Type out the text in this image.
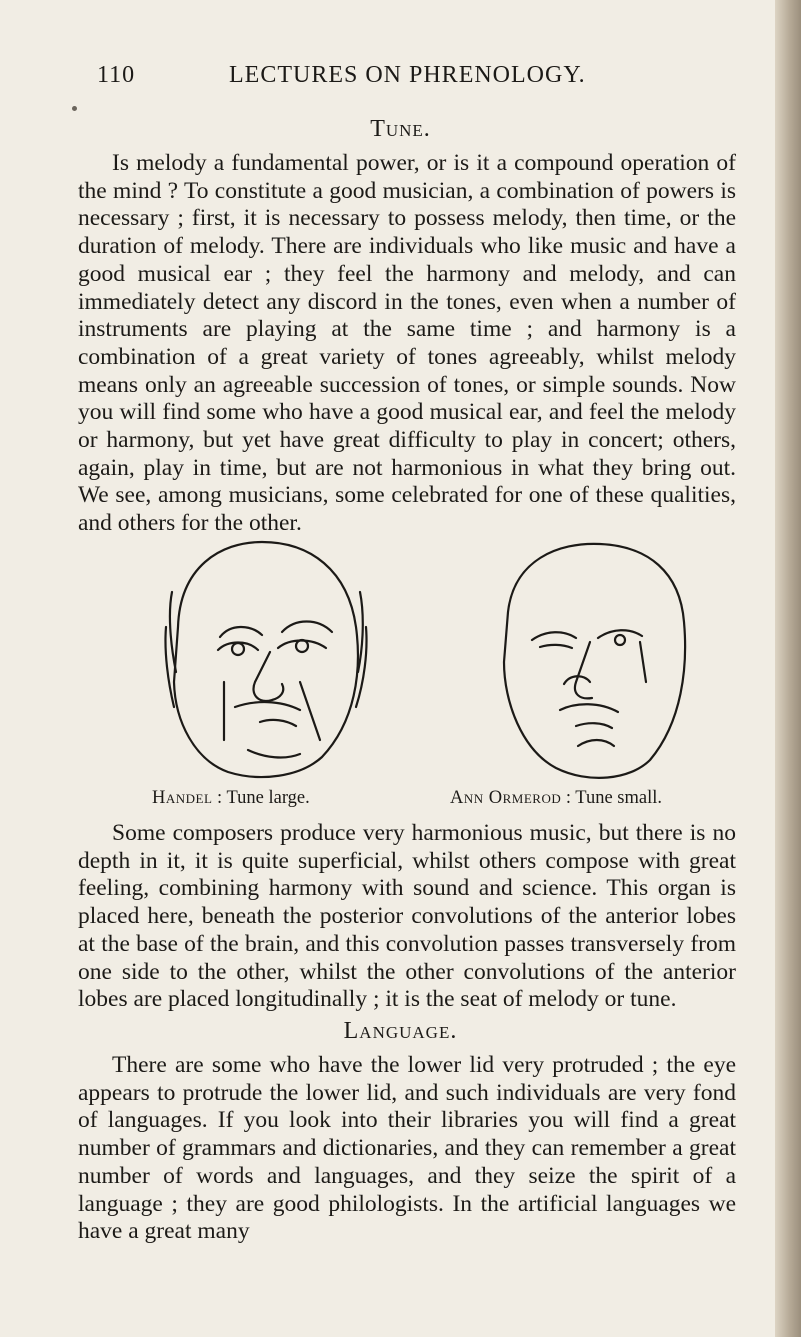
110	LECTURES ON PHRENOLOGY.
Tune.

Is melody a fundamental power, or is it a compound operation of the mind ? To constitute a good musician, a combination of powers is necessary ; first, it is necessary to possess melody, then time, or the duration of melody. There are individuals who like music and have a good musical ear ; they feel the harmony and melody, and can immediately detect any discord in the tones, even when a number of instruments are playing at the same time ; and harmony is a combination of a great variety of tones agreeably, whilst melody means only an agreeable succession of tones, or simple sounds. Now you will find some who have a good musical ear, and feel the melody or harmony, but yet have great difficulty to play in concert; others, again, play in time, but are not harmonious in what they bring out. We see, among musicians, some celebrated for one of these qualities, and others for the other.

Handel : Tune large.	Ann Ormerod : Tune small.

Some composers produce very harmonious music, but there is no depth in it, it is quite superficial, whilst others compose with great feeling, combining harmony with sound and science. This organ is placed here, beneath the posterior convolutions of the anterior lobes at the base of the brain, and this convolution passes transversely from one side to the other, whilst the other convolutions of the anterior lobes are placed longitudinally ; it is the seat of melody or tune.

Language.

There are some who have the lower lid very protruded ; the eye appears to protrude the lower lid, and such individuals are very fond of languages. If you look into their libraries you will find a great number of grammars and dictionaries, and they can remember a great number of words and languages, and they seize the spirit of a language ; they are good philologists. In the artificial languages we have a great many
